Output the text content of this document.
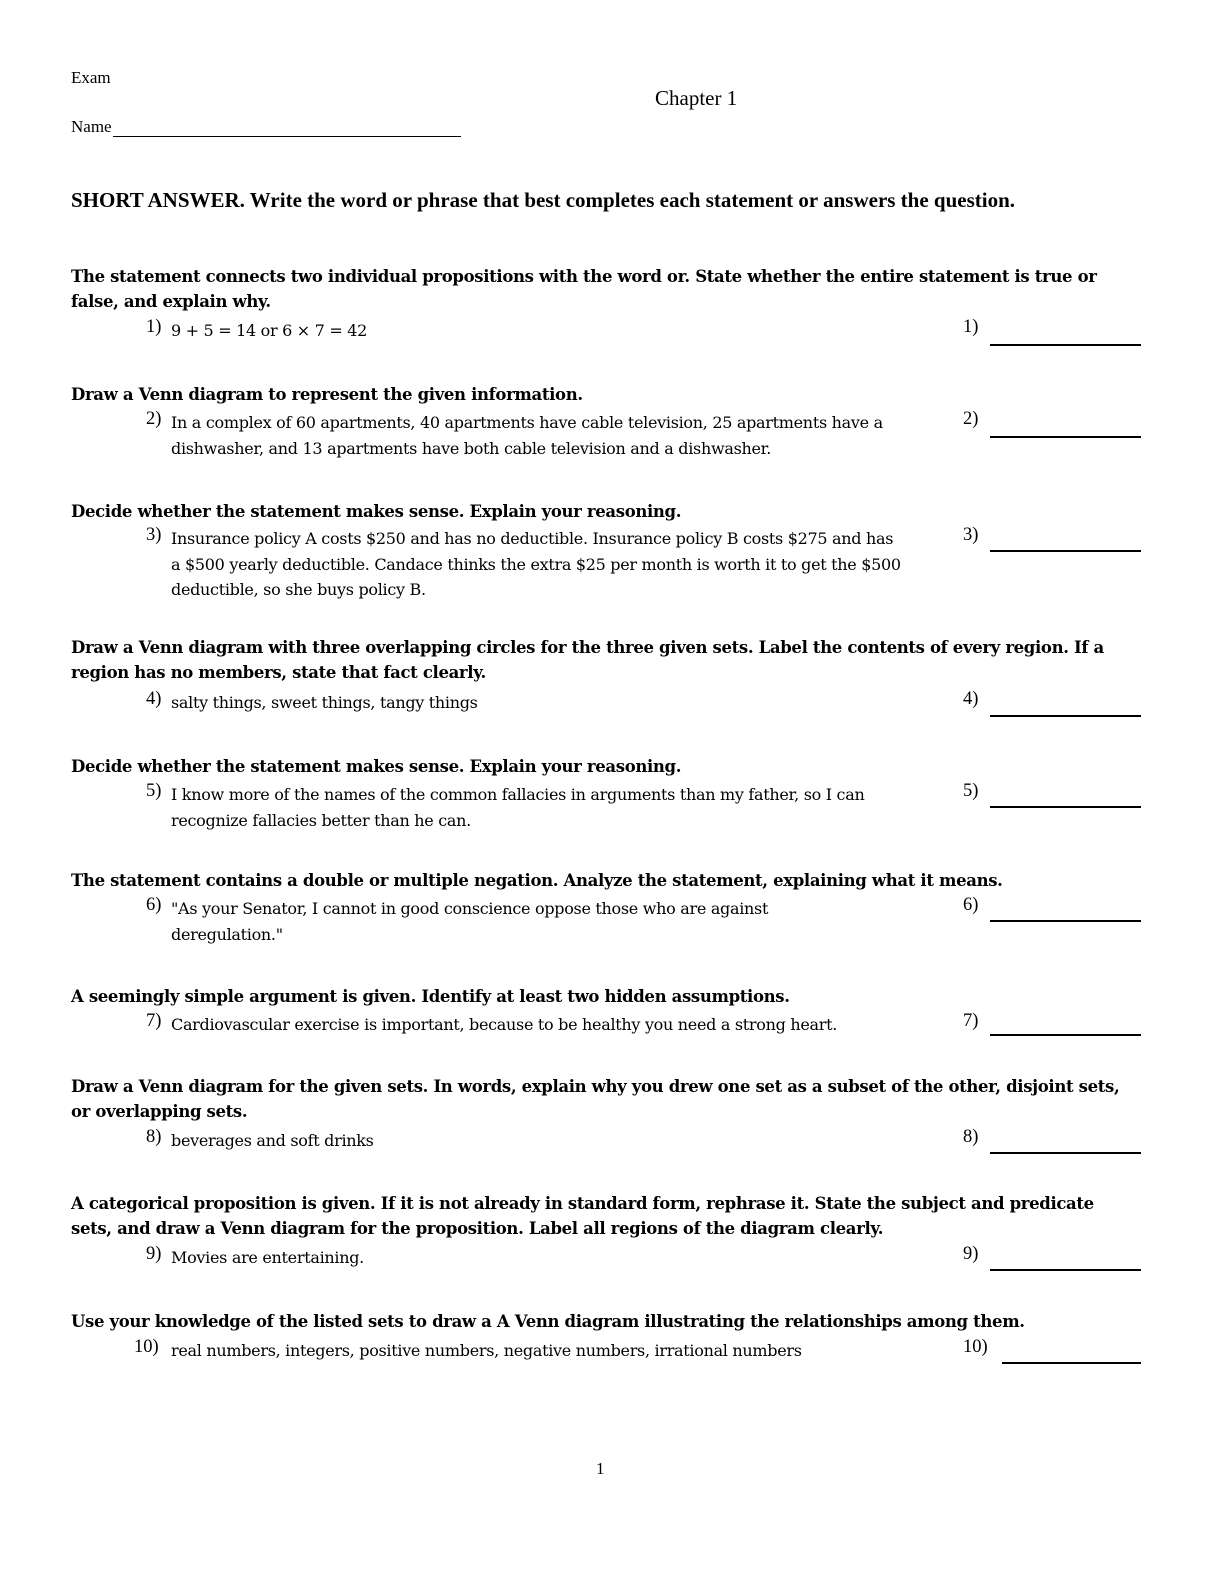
Exam
Chapter 1
Name
SHORT ANSWER. Write the word or phrase that best completes each statement or answers the question.
The statement connects two individual propositions with the word or. State whether the entire statement is true or false, and explain why.
1) 9 + 5 = 14 or 6 × 7 = 42	1)
Draw a Venn diagram to represent the given information.
2) In a complex of 60 apartments, 40 apartments have cable television, 25 apartments have a dishwasher, and 13 apartments have both cable television and a dishwasher.
2)
Decide whether the statement makes sense. Explain your reasoning.
3) Insurance policy A costs $250 and has no deductible. Insurance policy B costs $275 and has a $500 yearly deductible. Candace thinks the extra $25 per month is worth it to get the $500 deductible, so she buys policy B.
3)
Draw a Venn diagram with three overlapping circles for the three given sets. Label the contents of every region. If a region has no members, state that fact clearly.
4) salty things, sweet things, tangy things	4)
Decide whether the statement makes sense. Explain your reasoning.
5) I know more of the names of the common fallacies in arguments than my father, so I can recognize fallacies better than he can.
5)
The statement contains a double or multiple negation. Analyze the statement, explaining what it means.
6) "As your Senator, I cannot in good conscience oppose those who are against deregulation."
6)
A seemingly simple argument is given. Identify at least two hidden assumptions.
7) Cardiovascular exercise is important, because to be healthy you need a strong heart.	7)
Draw a Venn diagram for the given sets. In words, explain why you drew one set as a subset of the other, disjoint sets, or overlapping sets.
8) beverages and soft drinks	8)
A categorical proposition is given. If it is not already in standard form, rephrase it. State the subject and predicate sets, and draw a Venn diagram for the proposition. Label all regions of the diagram clearly.
9) Movies are entertaining.	9)
Use your knowledge of the listed sets to draw a A Venn diagram illustrating the relationships among them.
10) real numbers, integers, positive numbers, negative numbers, irrational numbers	10)
1
